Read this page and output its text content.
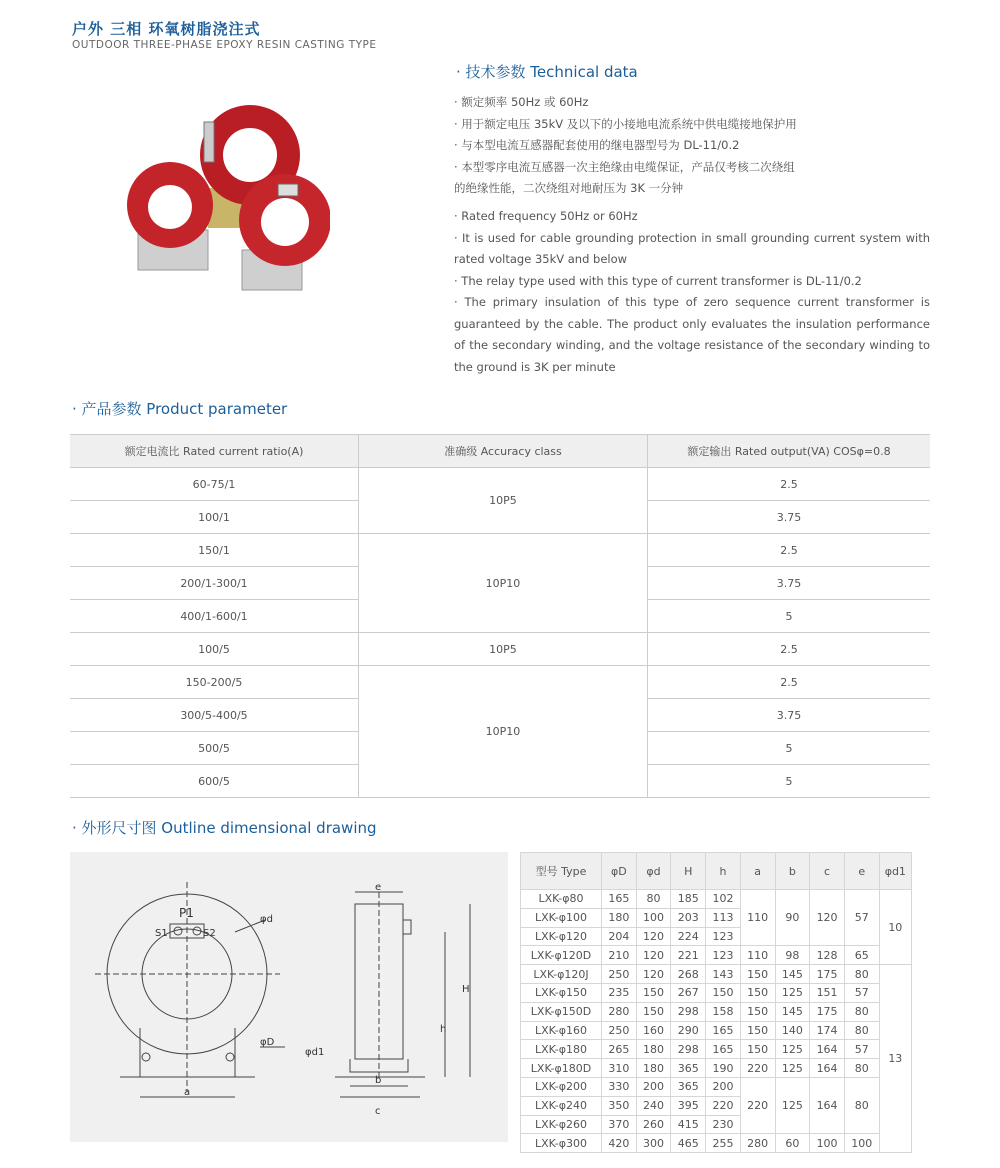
户外 三相 环氧树脂浇注式
OUTDOOR THREE-PHASE EPOXY RESIN CASTING TYPE
· 技术参数 Technical data

· 额定频率 50Hz 或 60Hz

· 用于额定电压 35kV 及以下的小接地电流系统中供电缆接地保护用

· 与本型电流互感器配套使用的继电器型号为 DL-11/0.2

· 本型零序电流互感器一次主绝缘由电缆保证，产品仅考核二次绕组

的绝缘性能，二次绕组对地耐压为 3K 一分钟

· Rated frequency 50Hz or 60Hz

· It is used for cable grounding protection in small grounding current system with rated voltage 35kV and below

· The relay type used with this type of current transformer is DL-11/0.2

· The primary insulation of this type of zero sequence current transformer is guaranteed by the cable. The product only evaluates the insulation performance of the secondary winding, and the voltage resistance of the secondary winding to the ground is 3K per minute

· 产品参数 Product parameter
额定电流比 Rated current ratio(A)	准确级 Accuracy class	额定输出 Rated output(VA) COSφ=0.8
60-75/1	10P5	2.5
100/1		3.75
150/1	10P10	2.5
200/1-300/1		3.75
400/1-600/1		5
100/5	10P5	2.5
150-200/5	10P10	2.5
300/5-400/5		3.75
500/5		5
600/5		5
· 外形尺寸图 Outline dimensional drawing
P1
S1	S2
φd
φD
a
e
H
h
φd1
b
c
型号 Type	φD	φd	H	h	a	b	c	e	φd1
LXK-φ80	165	80	185	102	110	90	120	57	10
LXK-φ100	180	100	203	113					
LXK-φ120	204	120	224	123					
LXK-φ120D	210	120	221	123	110	98	128	65	
LXK-φ120J	250	120	268	143	150	145	175	80	13
LXK-φ150	235	150	267	150	150	125	151	57	
LXK-φ150D	280	150	298	158	150	145	175	80	
LXK-φ160	250	160	290	165	150	140	174	80	
LXK-φ180	265	180	298	165	150	125	164	57	
LXK-φ180D	310	180	365	190	220	125	164	80	
LXK-φ200	330	200	365	200	220	125	164	80	
LXK-φ240	350	240	395	220					
LXK-φ260	370	260	415	230					
LXK-φ300	420	300	465	255	280	60	100	100	
